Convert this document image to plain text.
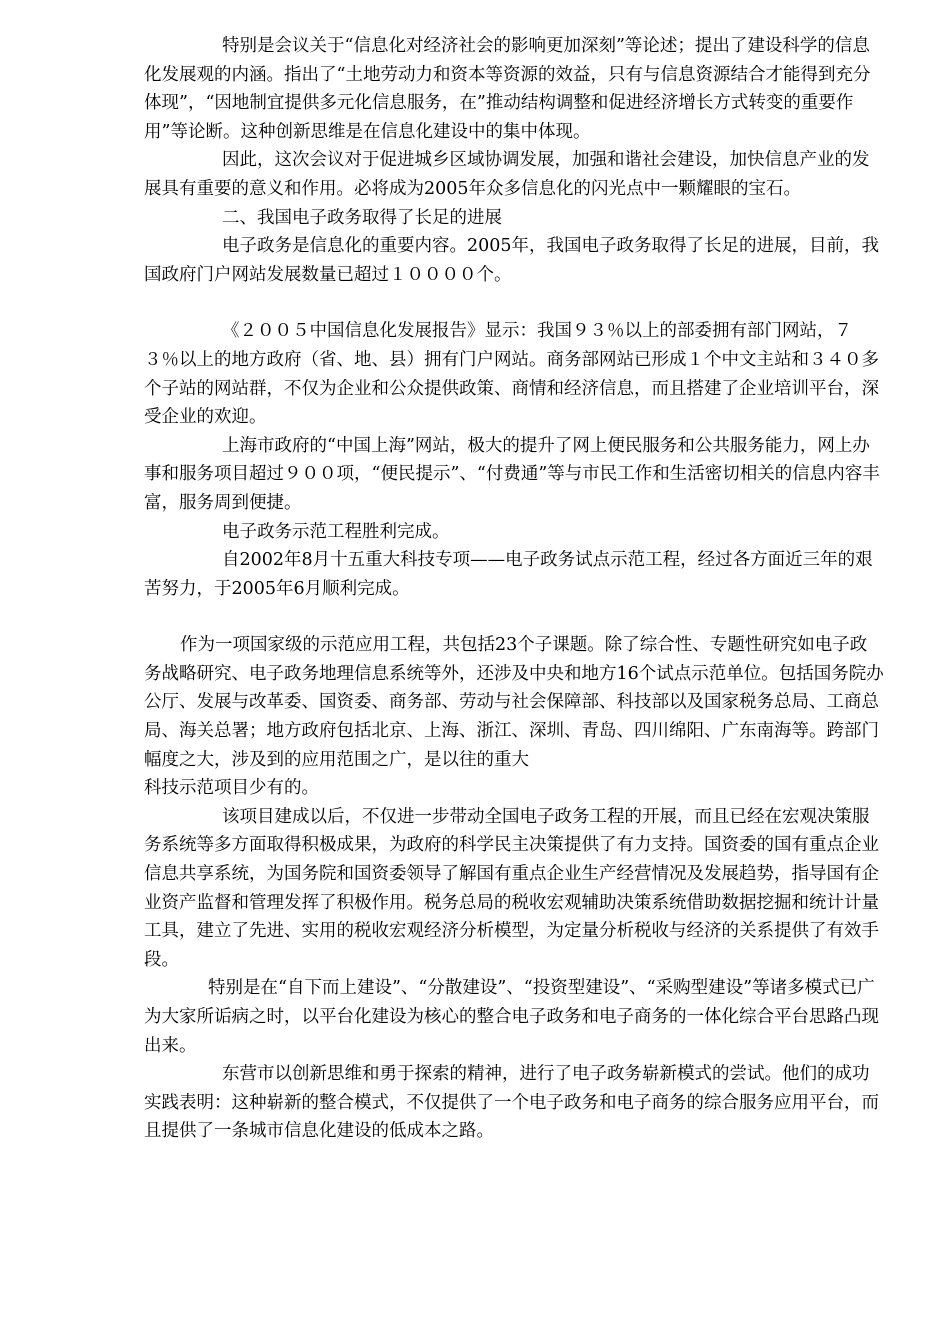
特别是会议关于“信息化对经济社会的影响更加深刻”等论述；提出了建设科学的信息化发展观的内涵。指出了“土地劳动力和资本等资源的效益，只有与信息资源结合才能得到充分体现”，“因地制宜提供多元化信息服务，在”推动结构调整和促进经济增长方式转变的重要作用”等论断。这种创新思维是在信息化建设中的集中体现。

因此，这次会议对于促进城乡区域协调发展，加强和谐社会建设，加快信息产业的发展具有重要的意义和作用。必将成为2005年众多信息化的闪光点中一颗耀眼的宝石。

二、我国电子政务取得了长足的进展

电子政务是信息化的重要内容。2005年，我国电子政务取得了长足的进展，目前，我国政府门户网站发展数量已超过１００００个。

《２００５中国信息化发展报告》显示：我国９３％以上的部委拥有部门网站，７３％以上的地方政府（省、地、县）拥有门户网站。商务部网站已形成１个中文主站和３４０多个子站的网站群，不仅为企业和公众提供政策、商情和经济信息，而且搭建了企业培训平台，深受企业的欢迎。

上海市政府的“中国上海”网站，极大的提升了网上便民服务和公共服务能力，网上办事和服务项目超过９００项，“便民提示”、“付费通”等与市民工作和生活密切相关的信息内容丰富，服务周到便捷。

电子政务示范工程胜利完成。

自2002年8月十五重大科技专项——电子政务试点示范工程，经过各方面近三年的艰苦努力，于2005年6月顺利完成。

作为一项国家级的示范应用工程，共包括23个子课题。除了综合性、专题性研究如电子政务战略研究、电子政务地理信息系统等外，还涉及中央和地方16个试点示范单位。包括国务院办公厅、发展与改革委、国资委、商务部、劳动与社会保障部、科技部以及国家税务总局、工商总局、海关总署；地方政府包括北京、上海、浙江、深圳、青岛、四川绵阳、广东南海等。跨部门幅度之大，涉及到的应用范围之广，是以往的重大

科技示范项目少有的。

该项目建成以后，不仅进一步带动全国电子政务工程的开展，而且已经在宏观决策服务系统等多方面取得积极成果，为政府的科学民主决策提供了有力支持。国资委的国有重点企业信息共享系统，为国务院和国资委领导了解国有重点企业生产经营情况及发展趋势，指导国有企业资产监督和管理发挥了积极作用。税务总局的税收宏观辅助决策系统借助数据挖掘和统计计量工具，建立了先进、实用的税收宏观经济分析模型，为定量分析税收与经济的关系提供了有效手段。

特别是在“自下而上建设”、“分散建设”、“投资型建设”、“采购型建设”等诸多模式已广为大家所诟病之时，以平台化建设为核心的整合电子政务和电子商务的一体化综合平台思路凸现出来。

东营市以创新思维和勇于探索的精神，进行了电子政务崭新模式的尝试。他们的成功实践表明：这种崭新的整合模式，不仅提供了一个电子政务和电子商务的综合服务应用平台，而且提供了一条城市信息化建设的低成本之路。
